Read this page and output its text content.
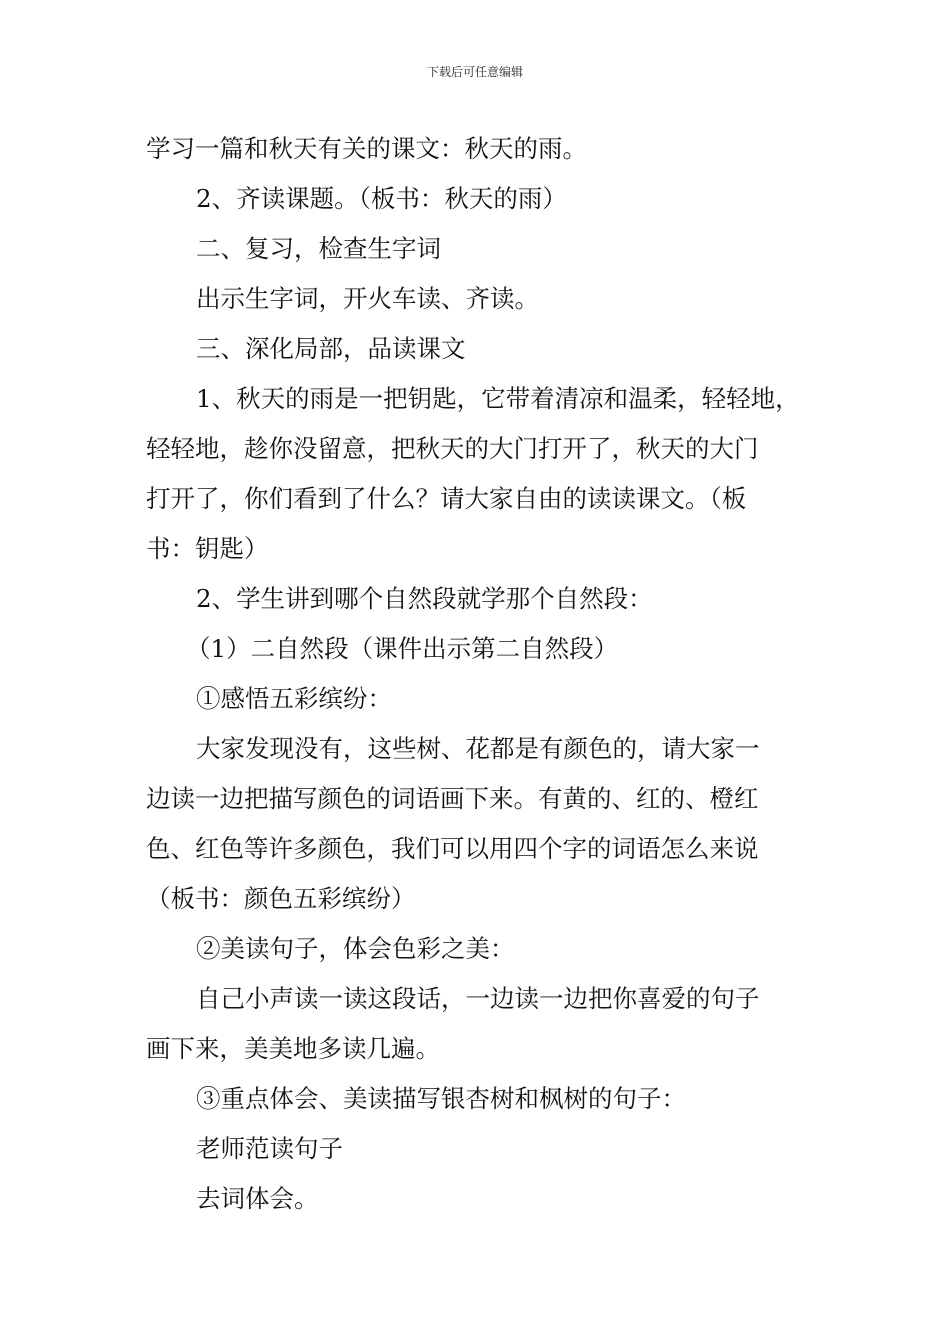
下载后可任意编辑

学习一篇和秋天有关的课文：秋天的雨。

2、齐读课题。（板书：秋天的雨）

二、复习，检查生字词

出示生字词，开火车读、齐读。

三、深化局部，品读课文

1、秋天的雨是一把钥匙，它带着清凉和温柔，轻轻地，

轻轻地，趁你没留意，把秋天的大门打开了，秋天的大门

打开了，你们看到了什么？请大家自由的读读课文。（板

书：钥匙）

2、学生讲到哪个自然段就学那个自然段：

（1）二自然段（课件出示第二自然段）

①感悟五彩缤纷：

大家发现没有，这些树、花都是有颜色的，请大家一

边读一边把描写颜色的词语画下来。有黄的、红的、橙红

色、红色等许多颜色，我们可以用四个字的词语怎么来说

（板书：颜色五彩缤纷）

②美读句子，体会色彩之美：

自己小声读一读这段话，一边读一边把你喜爱的句子

画下来，美美地多读几遍。

③重点体会、美读描写银杏树和枫树的句子：

老师范读句子

去词体会。
